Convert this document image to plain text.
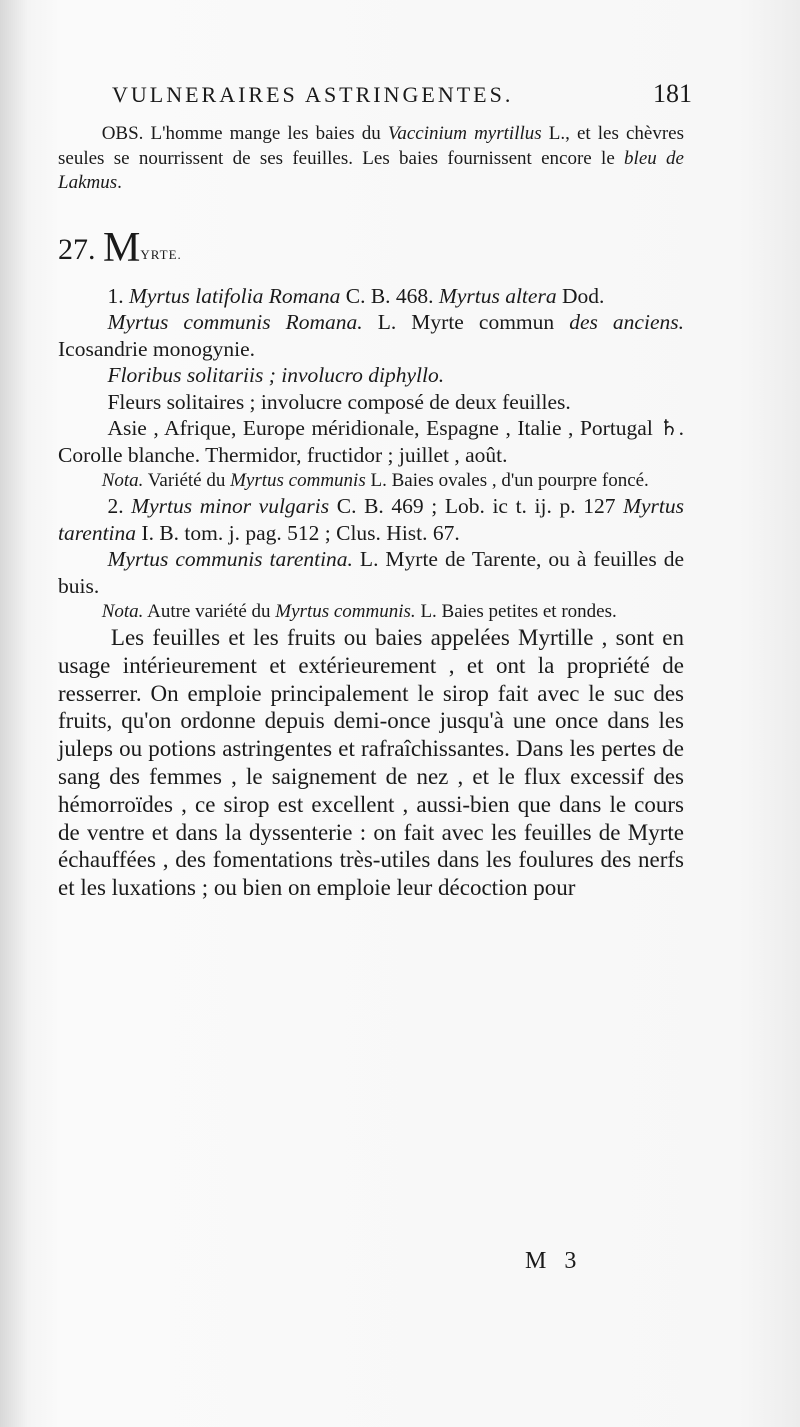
VULNERAIRES ASTRINGENTES.	181

OBS. L'homme mange les baies du Vaccinium myrtillus L., et les chèvres seules se nourrissent de ses feuilles. Les baies fournissent encore le bleu de Lakmus.

27. MYRTE.

1. Myrtus latifolia Romana C. B. 468. Myrtus altera Dod.

Myrtus communis Romana. L. Myrte commun des anciens. Icosandrie monogynie.

Floribus solitariis ; involucro diphyllo.

Fleurs solitaires ; involucre composé de deux feuilles.

Asie , Afrique, Europe méridionale, Espagne , Italie , Portugal ♄. Corolle blanche. Thermidor, fructidor ; juillet , août.

Nota. Variété du Myrtus communis L. Baies ovales , d'un pourpre foncé.

2. Myrtus minor vulgaris C. B. 469 ; Lob. ic t. ij. p. 127 Myrtus tarentina I. B. tom. j. pag. 512 ; Clus. Hist. 67.

Myrtus communis tarentina. L. Myrte de Tarente, ou à feuilles de buis.

Nota. Autre variété du Myrtus communis. L. Baies petites et rondes.

Les feuilles et les fruits ou baies appelées Myrtille , sont en usage intérieurement et extérieurement , et ont la propriété de resserrer. On emploie principalement le sirop fait avec le suc des fruits, qu'on ordonne depuis demi-once jusqu'à une once dans les juleps ou potions astringentes et rafraîchissantes. Dans les pertes de sang des femmes , le saignement de nez , et le flux excessif des hémorroïdes , ce sirop est excellent , aussi-bien que dans le cours de ventre et dans la dyssenterie : on fait avec les feuilles de Myrte échauffées , des fomentations très-utiles dans les foulures des nerfs et les luxations ; ou bien on emploie leur décoction pour

M 3
